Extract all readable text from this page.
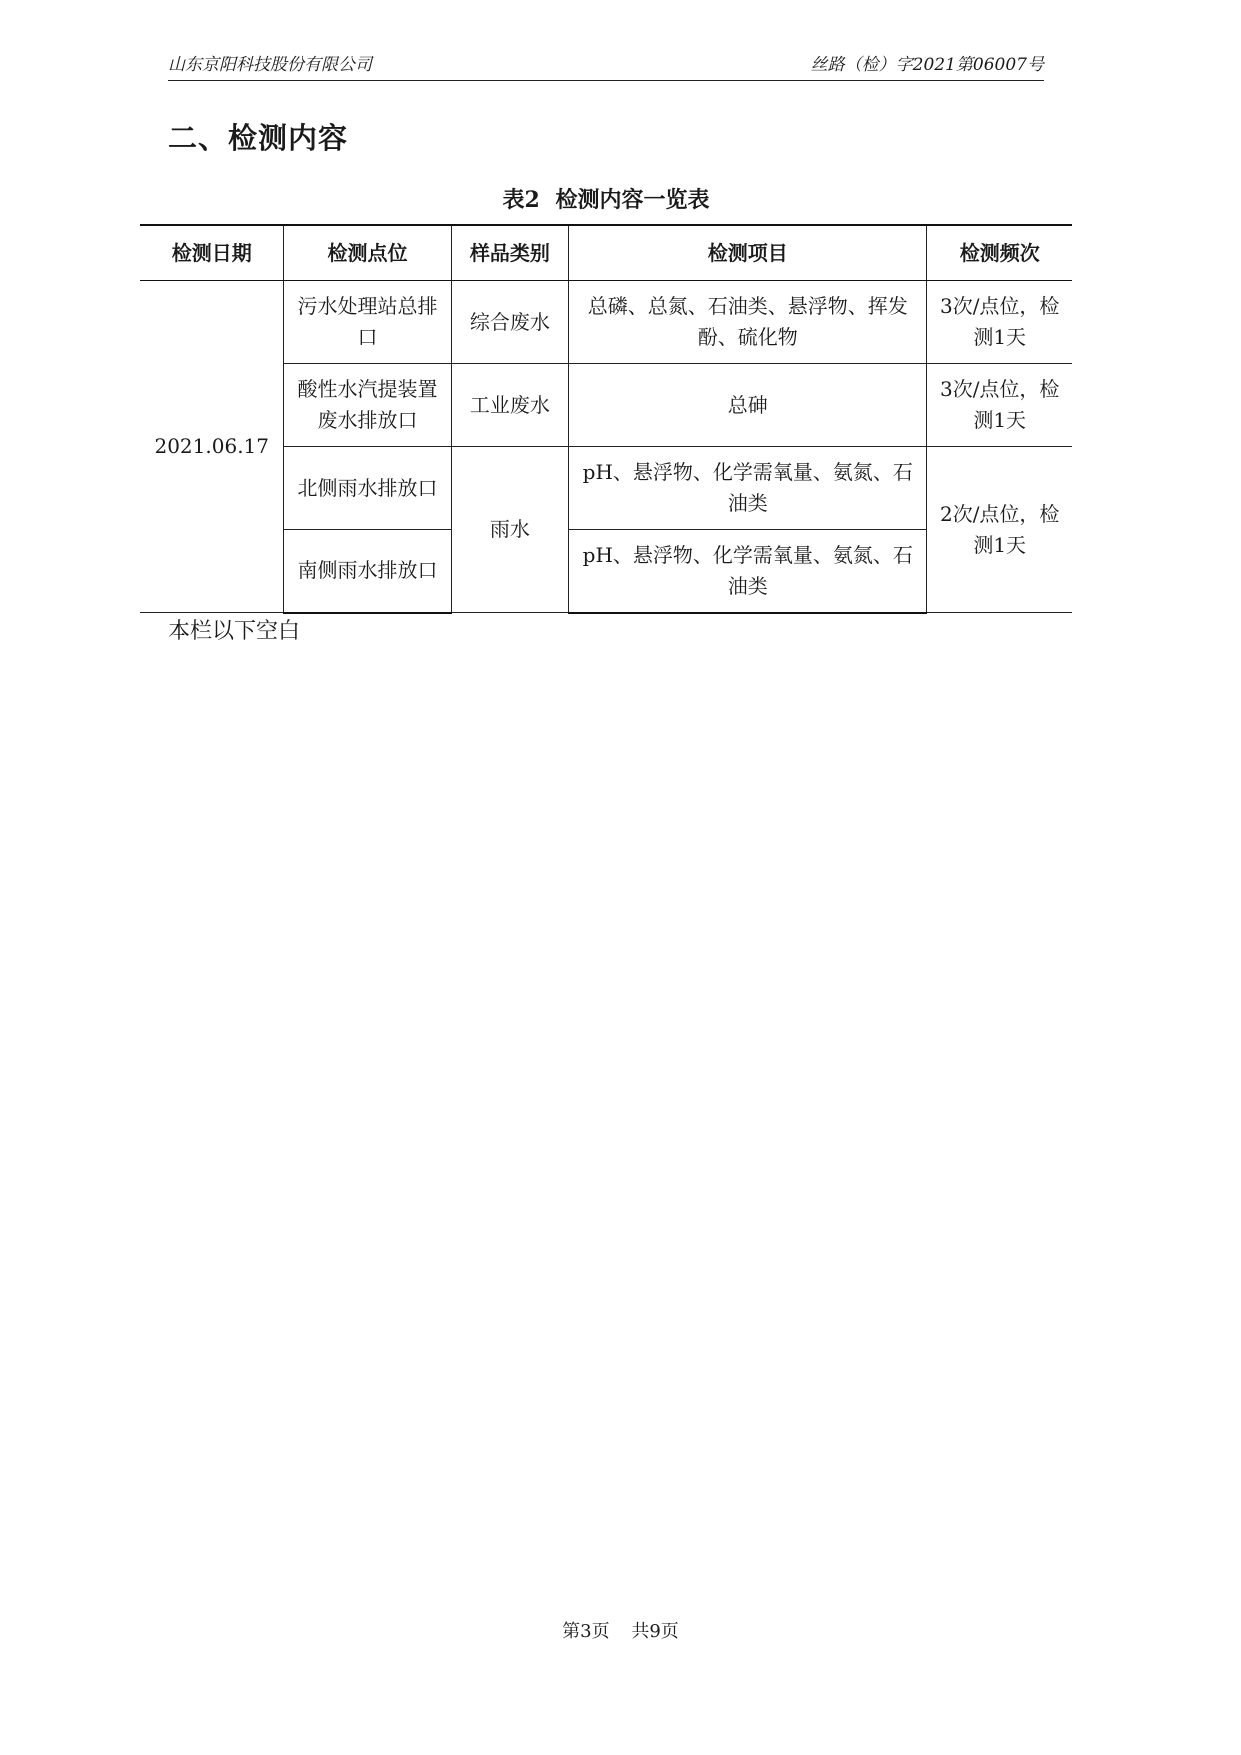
山东京阳科技股份有限公司	丝路（检）字2021第06007号
二、检测内容
表2 检测内容一览表
检测日期	检测点位	样品类别	检测项目	检测频次
2021.06.17	污水处理站总排口	综合废水	总磷、总氮、石油类、悬浮物、挥发酚、硫化物	3次/点位，检测1天
	酸性水汽提装置废水排放口	工业废水	总砷	3次/点位，检测1天
	北侧雨水排放口	雨水	pH、悬浮物、化学需氧量、氨氮、石油类	2次/点位，检测1天
	南侧雨水排放口		pH、悬浮物、化学需氧量、氨氮、石油类	
本栏以下空白
第3页 共9页
